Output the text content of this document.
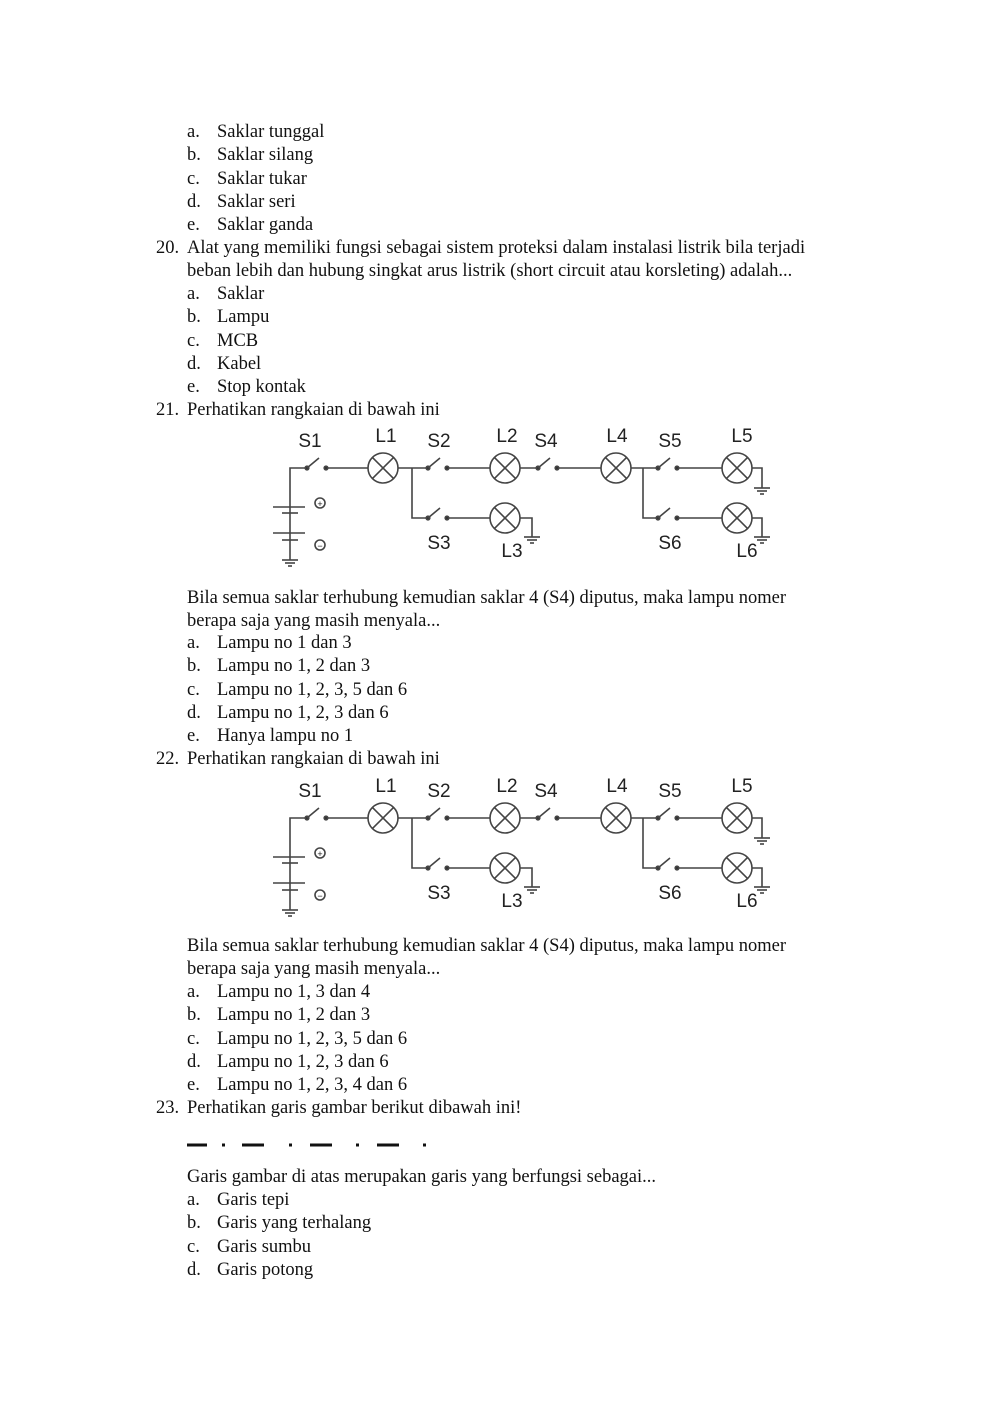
a. Saklar tunggal
b. Saklar silang
c. Saklar tukar
d. Saklar seri
e. Saklar ganda
20. Alat yang memiliki fungsi sebagai sistem proteksi dalam instalasi listrik bila terjadi
beban lebih dan hubung singkat arus listrik (short circuit atau korsleting) adalah...
a. Saklar
b. Lampu
c. MCB
d. Kabel
e. Stop kontak
21. Perhatikan rangkaian di bawah ini
Bila semua saklar terhubung kemudian saklar 4 (S4) diputus, maka lampu nomer
berapa saja yang masih menyala...
a. Lampu no 1 dan 3
b. Lampu no 1, 2 dan 3
c. Lampu no 1, 2, 3, 5 dan 6
d. Lampu no 1, 2, 3 dan 6
e. Hanya lampu no 1
22. Perhatikan rangkaian di bawah ini
Bila semua saklar terhubung kemudian saklar 4 (S4) diputus, maka lampu nomer
berapa saja yang masih menyala...
a. Lampu no 1, 3 dan 4
b. Lampu no 1, 2 dan 3
c. Lampu no 1, 2, 3, 5 dan 6
d. Lampu no 1, 2, 3 dan 6
e. Lampu no 1, 2, 3, 4 dan 6
23. Perhatikan garis gambar berikut dibawah ini!
Garis gambar di atas merupakan garis yang berfungsi sebagai...
a. Garis tepi
b. Garis yang terhalang
c. Garis sumbu
d. Garis potong
+
−
S1	L1 S2 L2 S4	L4 S5	L5
S3	L3	S6	L6
+
−
S1	L1 S2 L2 S4	L4 S5	L5
S3	L3	S6	L6
